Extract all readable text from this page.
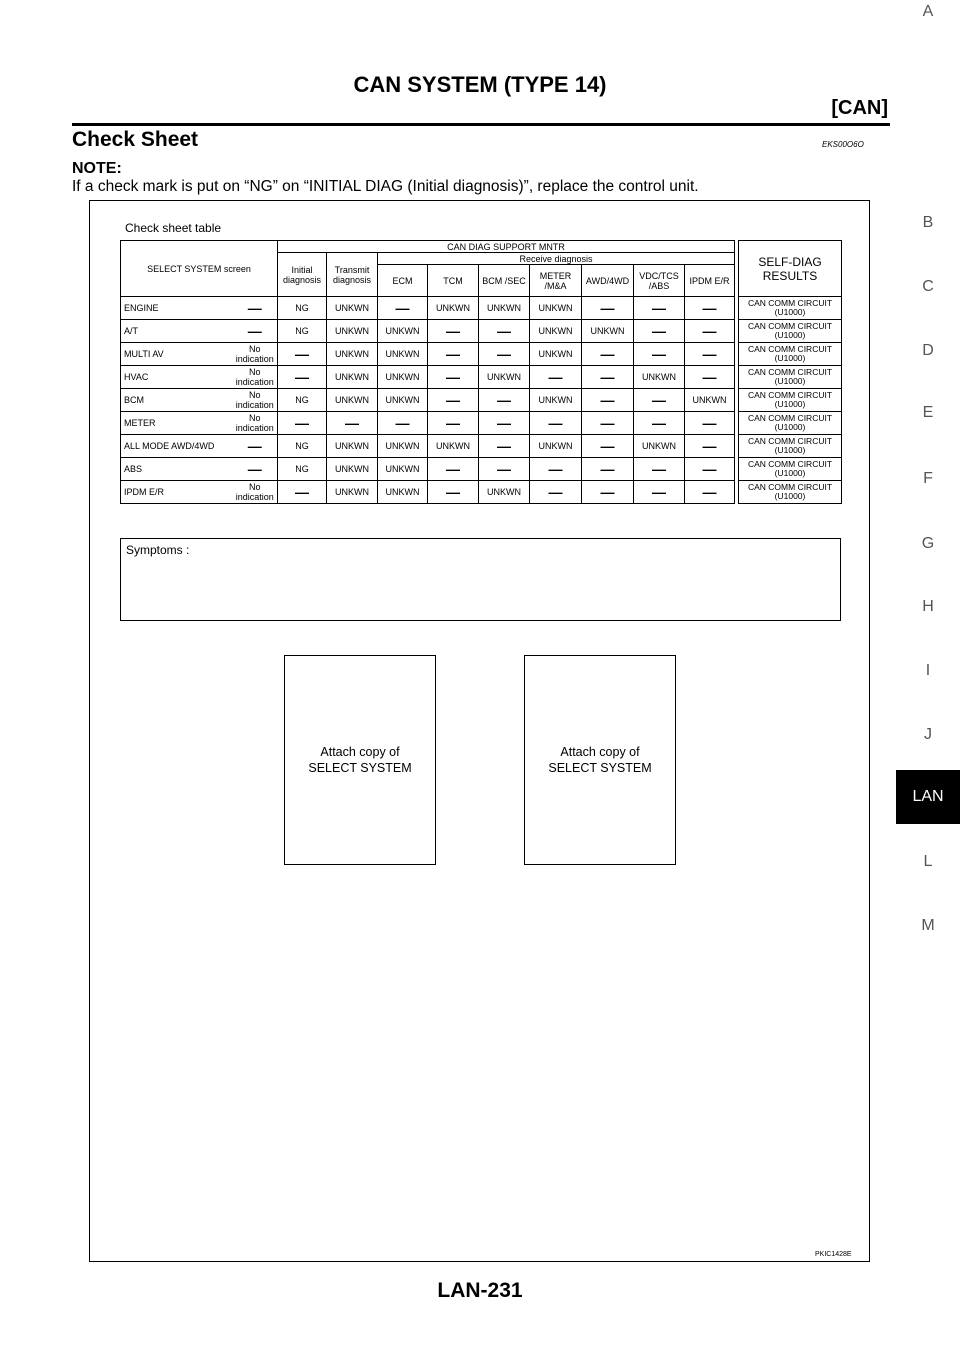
CAN SYSTEM (TYPE 14)
[CAN]
Check Sheet	EKS00O6O
NOTE:
If a check mark is put on “NG” on “INITIAL DIAG (Initial diagnosis)”, replace the control unit.
A
B
C
D
E
F
G
H
I
J
LAN
L
M
Check sheet table
SELECT SYSTEM screen		CAN DIAG SUPPORT MNTR										SELF-DIAG RESULTS
		Initial diagnosis	Transmit diagnosis	Receive diagnosis								
				ECM	TCM	BCM /SEC	METER /M&A	AWD/4WD	VDC/TCS /ABS	IPDM E/R		
ENGINE	—	NG	UNKWN	—	UNKWN	UNKWN	UNKWN	—	—	—		CAN COMM CIRCUIT
(U1000)

A/T	—	NG	UNKWN	UNKWN	—	—	UNKWN	UNKWN	—	—		CAN COMM CIRCUIT
(U1000)

MULTI AV	No indication	—	UNKWN	UNKWN	—	—	UNKWN	—	—	—		CAN COMM CIRCUIT
(U1000)

HVAC	No indication	—	UNKWN	UNKWN	—	UNKWN	—	—	UNKWN	—		CAN COMM CIRCUIT
(U1000)

BCM	No indication	NG	UNKWN	UNKWN	—	—	UNKWN	—	—	UNKWN		CAN COMM CIRCUIT
(U1000)

METER	No indication	—	—	—	—	—	—	—	—	—		CAN COMM CIRCUIT
(U1000)

ALL MODE AWD/4WD	—	NG	UNKWN	UNKWN	UNKWN	—	UNKWN	—	UNKWN	—		CAN COMM CIRCUIT
(U1000)

ABS	—	NG	UNKWN	UNKWN	—	—	—	—	—	—		CAN COMM CIRCUIT
(U1000)

IPDM E/R	No indication	—	UNKWN	UNKWN	—	UNKWN	—	—	—	—		CAN COMM CIRCUIT
(U1000)
Symptoms :
Attach copy of
SELECT SYSTEM
Attach copy of
SELECT SYSTEM
PKIC1428E
LAN-231
